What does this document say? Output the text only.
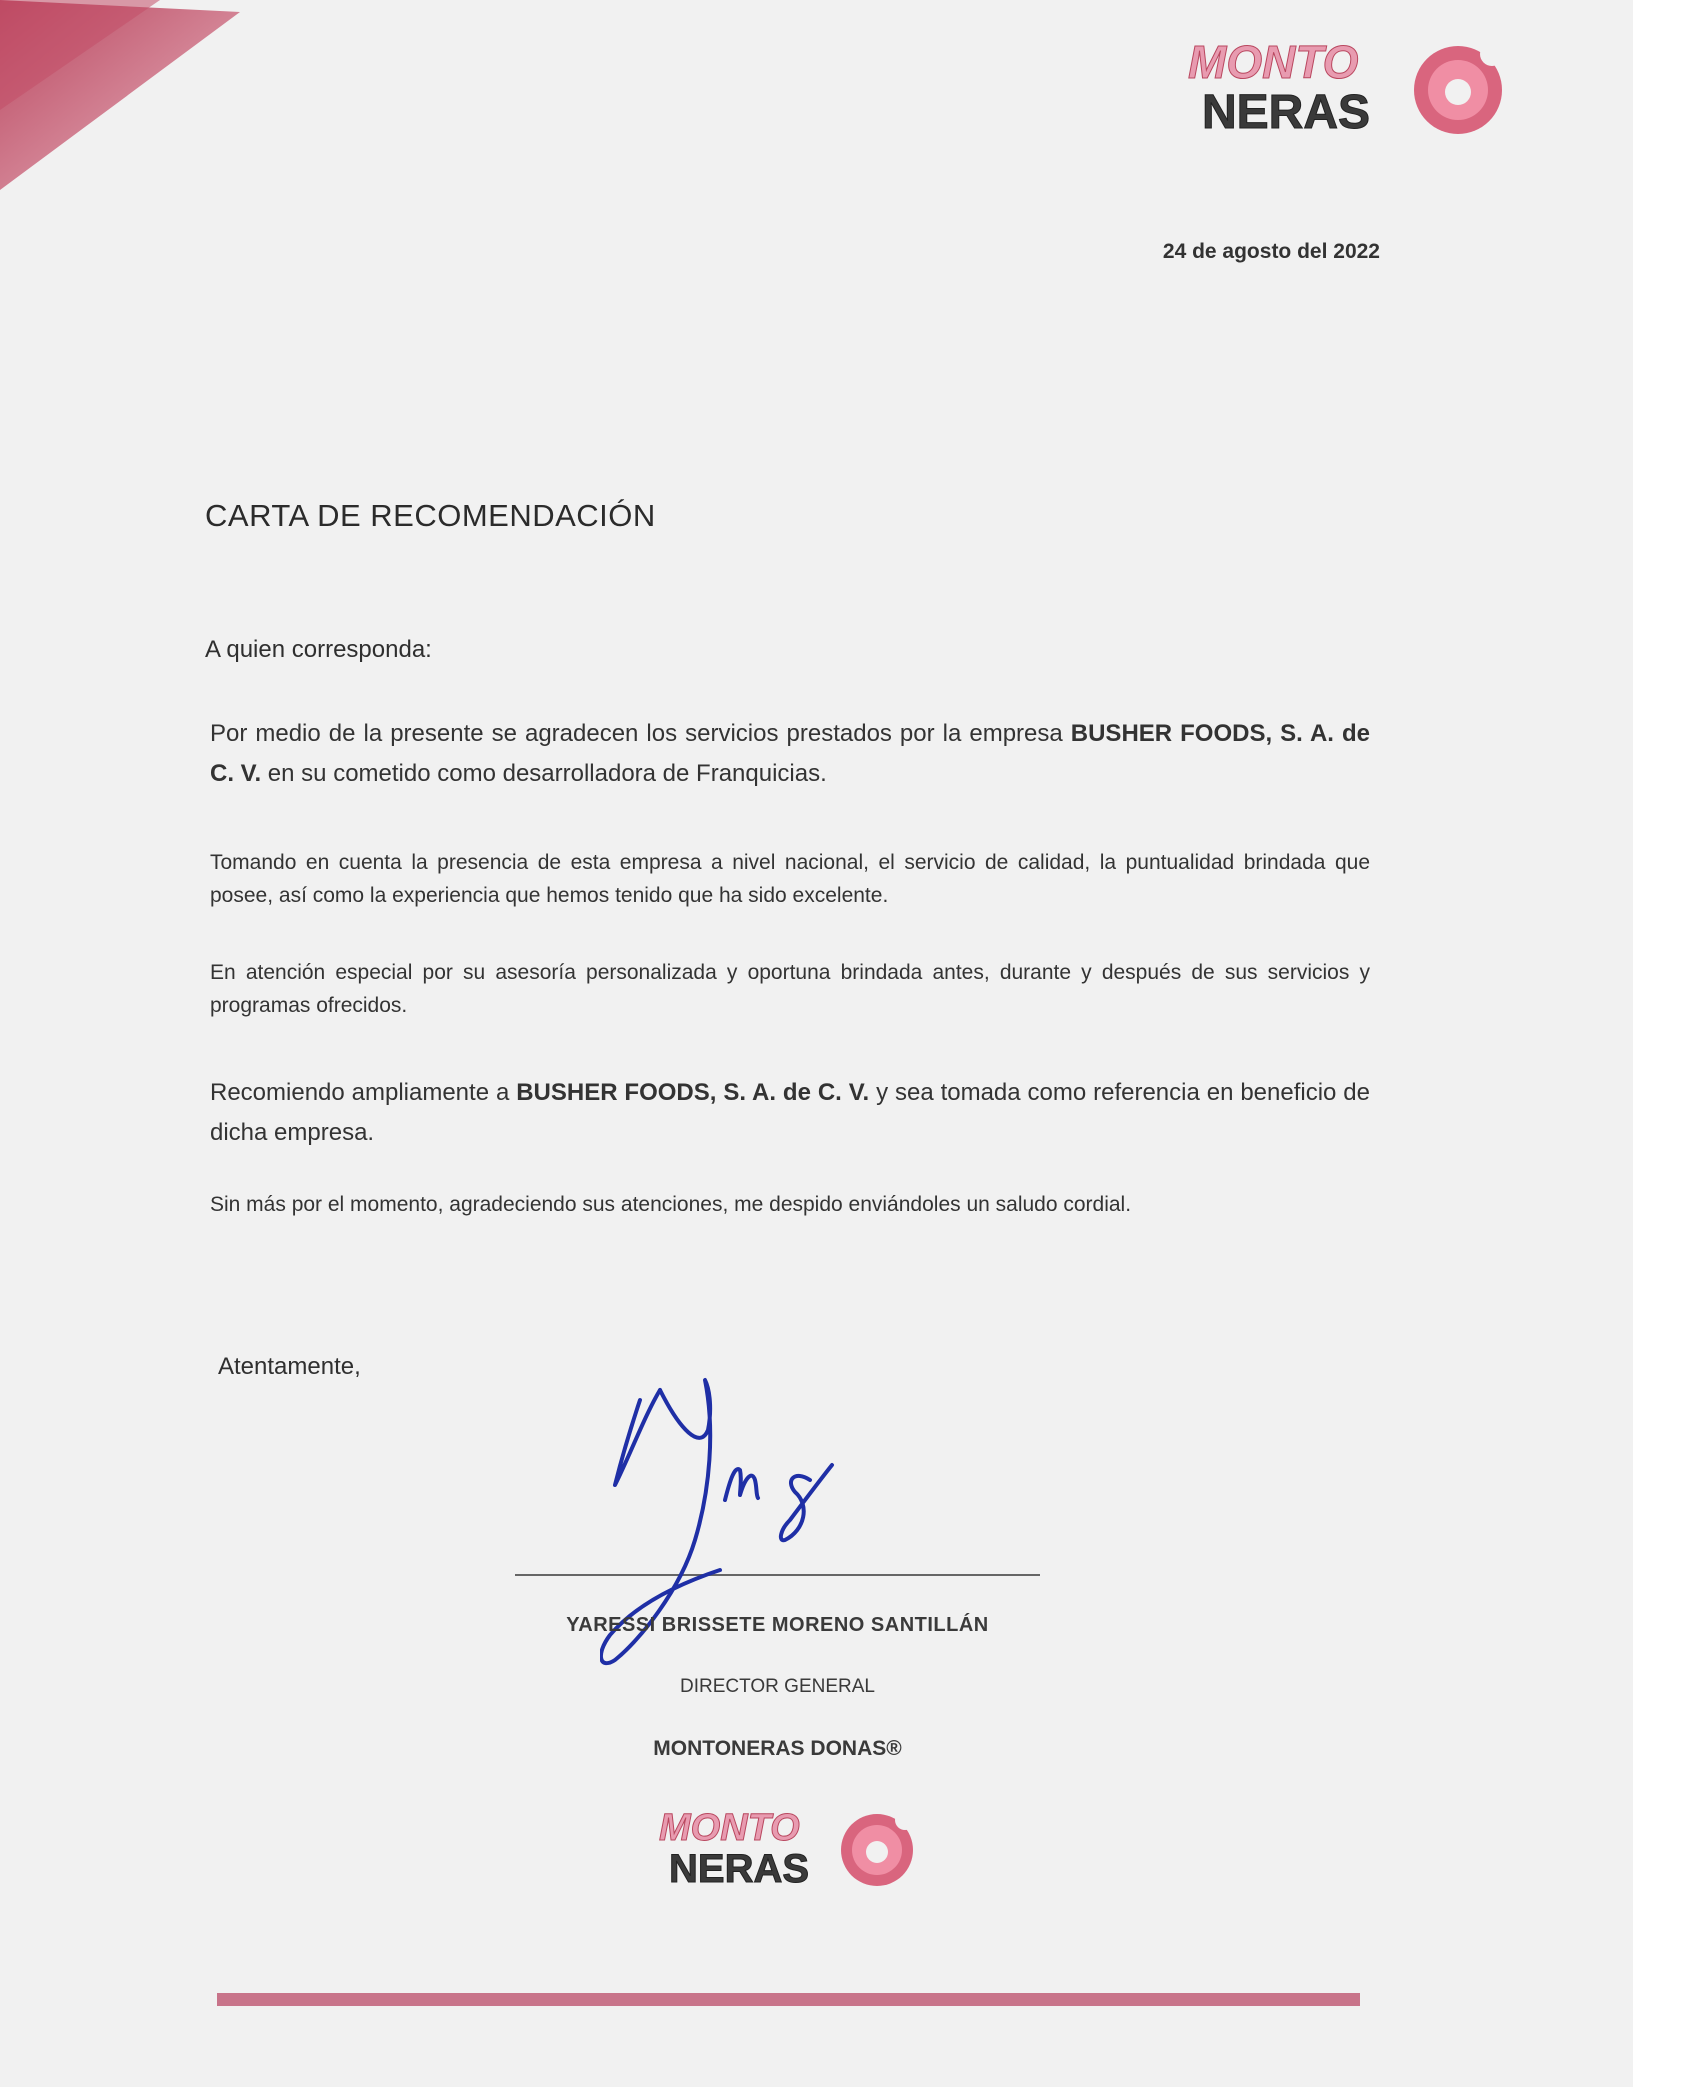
MONTO
NERAS
24 de agosto del 2022
CARTA DE RECOMENDACIÓN
A quien corresponda:

Por medio de la presente se agradecen los servicios prestados por la empresa BUSHER FOODS, S. A. de C. V. en su cometido como desarrolladora de Franquicias.

Tomando en cuenta la presencia de esta empresa a nivel nacional, el servicio de calidad, la puntualidad brindada que posee, así como la experiencia que hemos tenido que ha sido excelente.

En atención especial por su asesoría personalizada y oportuna brindada antes, durante y después de sus servicios y programas ofrecidos.

Recomiendo ampliamente a BUSHER FOODS, S. A. de C. V. y sea tomada como referencia en beneficio de dicha empresa.

Sin más por el momento, agradeciendo sus atenciones, me despido enviándoles un saludo cordial.

Atentamente,
YARESSI BRISSETE MORENO SANTILLÁN
DIRECTOR GENERAL
MONTONERAS DONAS®
MONTO
NERAS
